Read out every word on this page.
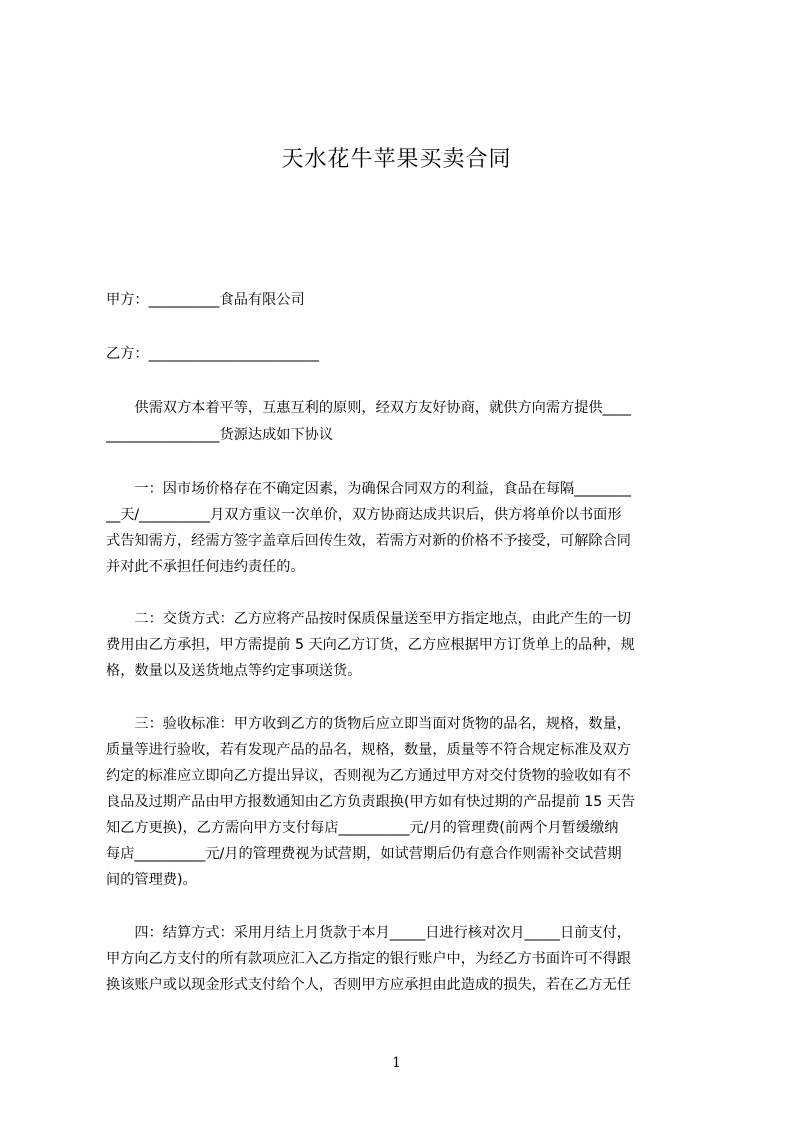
天水花牛苹果买卖合同
甲方：__________食品有限公司
乙方：________________________
　　供需双方本着平等，互惠互利的原则，经双方友好协商，就供方向需方提供____
________________货源达成如下协议
　　一：因市场价格存在不确定因素，为确保合同双方的利益，食品在每隔________
__天/__________月双方重议一次单价，双方协商达成共识后，供方将单价以书面形
式告知需方，经需方签字盖章后回传生效，若需方对新的价格不予接受，可解除合同
并对此不承担任何违约责任的。
　　二：交货方式：乙方应将产品按时保质保量送至甲方指定地点，由此产生的一切
费用由乙方承担，甲方需提前 5 天向乙方订货，乙方应根据甲方订货单上的品种，规
格，数量以及送货地点等约定事项送货。
　　三：验收标准：甲方收到乙方的货物后应立即当面对货物的品名，规格，数量，
质量等进行验收，若有发现产品的品名，规格，数量，质量等不符合规定标准及双方
约定的标准应立即向乙方提出异议，否则视为乙方通过甲方对交付货物的验收如有不
良品及过期产品由甲方报数通知由乙方负责跟换(甲方如有快过期的产品提前 15 天告
知乙方更换)，乙方需向甲方支付每店__________元/月的管理费(前两个月暂缓缴纳
每店__________元/月的管理费视为试营期，如试营期后仍有意合作则需补交试营期
间的管理费)。
　　四：结算方式：采用月结上月货款于本月_____日进行核对次月_____日前支付，
甲方向乙方支付的所有款项应汇入乙方指定的银行账户中，为经乙方书面许可不得跟
换该账户或以现金形式支付给个人，否则甲方应承担由此造成的损失，若在乙方无任
1
